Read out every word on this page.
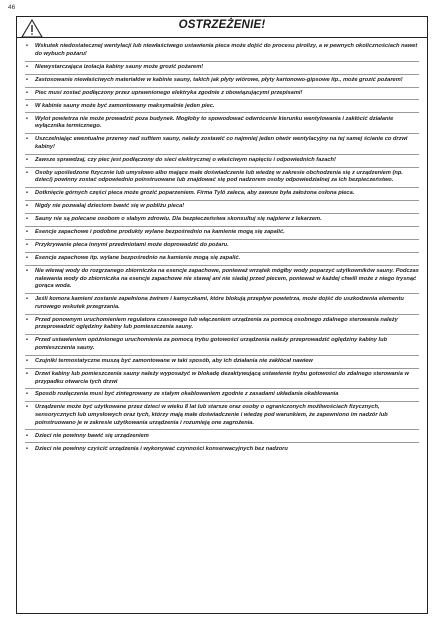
46
OSTRZEŻENIE!
• Wskutek niedostatecznej wentylacji lub niewłaściwego ustawienia pieca może dojść do procesu pirolizy, a w pewnych okolicznościach nawet do wybuch pożaru!
• Niewystarczająca izolacja kabiny sauny może grozić pożarem!
• Zastosowanie niewłaściwych materiałów w kabinie sauny, takich jak płyty wiórowe, płyty kartonowo-gipsowe itp., może grozić pożarem!
• Piec musi zostać podłączony przez uprawnionego elektryka zgodnie z obowiązującymi przepisami!
• W kabinie sauny może być zamontowany maksymalnie jeden piec.
• Wylot powietrza nie może prowadzić poza budynek. Mogłoby to spowodować odwrócenie kierunku wentylowania i zakłócić działanie wyłącznika termicznego.
• Uszczelniając ewentualne przerwy nad sufitem sauny, należy zostawić co najmniej jeden otwór wentylacyjny na tej samej ścianie co drzwi kabiny!
• Zawsze sprawdzaj, czy piec jest podłączony do sieci elektrycznej o właściwym napięciu i odpowiednich fazach!
• Osoby upośledzone fizycznie lub umysłowo albo mające małe doświadczenie lub wiedzę w zakresie obchodzenia się z urządzeniem (np. dzieci) powinny zostać odpowiednio poinstruowane lub znajdować się pod nadzorem osoby odpowiedzialnej za ich bezpieczeństwo.
• Dotknięcie górnych części pieca może grozić poparzeniem. Firma Tylö zaleca, aby zawsze była założona osłona pieca.
• Nigdy nie pozwalaj dzieciom bawić się w pobliżu pieca!
• Sauny nie są polecane osobom o słabym zdrowiu. Dla bezpieczeństwa skonsultuj się najpierw z lekarzem.
• Esencje zapachowe i podobne produkty wylane bezpośrednio na kamienie mogą się zapalić.
• Przykrywanie pieca innymi przedmiotami może doprowadzić do pożaru.
• Esencje zapachowe itp. wylane bezpośrednio na kamienie mogą się zapalić.
• Nie wlewaj wody do rozgrzanego zbiorniczka na esencje zapachowe, ponieważ wrzątek mógłby wody poparzyć użytkowników sauny. Podczas nalewania wody do zbiorniczka na esencje zapachowe nie stawaj ani nie siadaj przed piecem, ponieważ w każdej chwili może z niego trysnąć gorąca woda.
• Jeśli komora kamieni zostanie zapełniona żwirem i kamyczkami, które blokują przepływ powietrza, może dojść do uszkodzenia elementu rurowego wskutek przegrzania.
• Przed ponownym uruchomieniem regulatora czasowego lub włączeniem urządzenia za pomocą osobnego zdalnego sterowania należy przeprowadzić oględziny kabiny lub pomieszczenia sauny.
• Przed ustawieniem opóźnionego uruchomienia za pomocą trybu gotowości urządzenia należy przeprowadzić oględziny kabiny lub pomieszczenia sauny.
• Czujniki termostatyczne muszą być zamontowane w taki sposób, aby ich działania nie zakłócał nawiew
• Drzwi kabiny lub pomieszczenia sauny należy wyposażyć w blokadę dezaktywującą ustawienie trybu gotowości do zdalnego sterowania w przypadku otwarcia tych drzwi
• Sposób rozłączenia musi być zintegrowany ze stałym okablowaniem zgodnie z zasadami układania okablowania
• Urządzenie może być użytkowane przez dzieci w wieku 8 lat lub starsze oraz osoby o ograniczonych możliwościach fizycznych, sensorycznych lub umysłowych oraz tych, którzy mają małe doświadczenie i wiedzę pod warunkiem, że zapewniono im nadzór lub poinstruowano je w zakresie użytkowania urządzenia i rozumieją one zagrożenia.
• Dzieci nie powinny bawić się urządzeniem
• Dzieci nie powinny czyścić urządzenia i wykonywać czynności konserwacyjnych bez nadzoru
